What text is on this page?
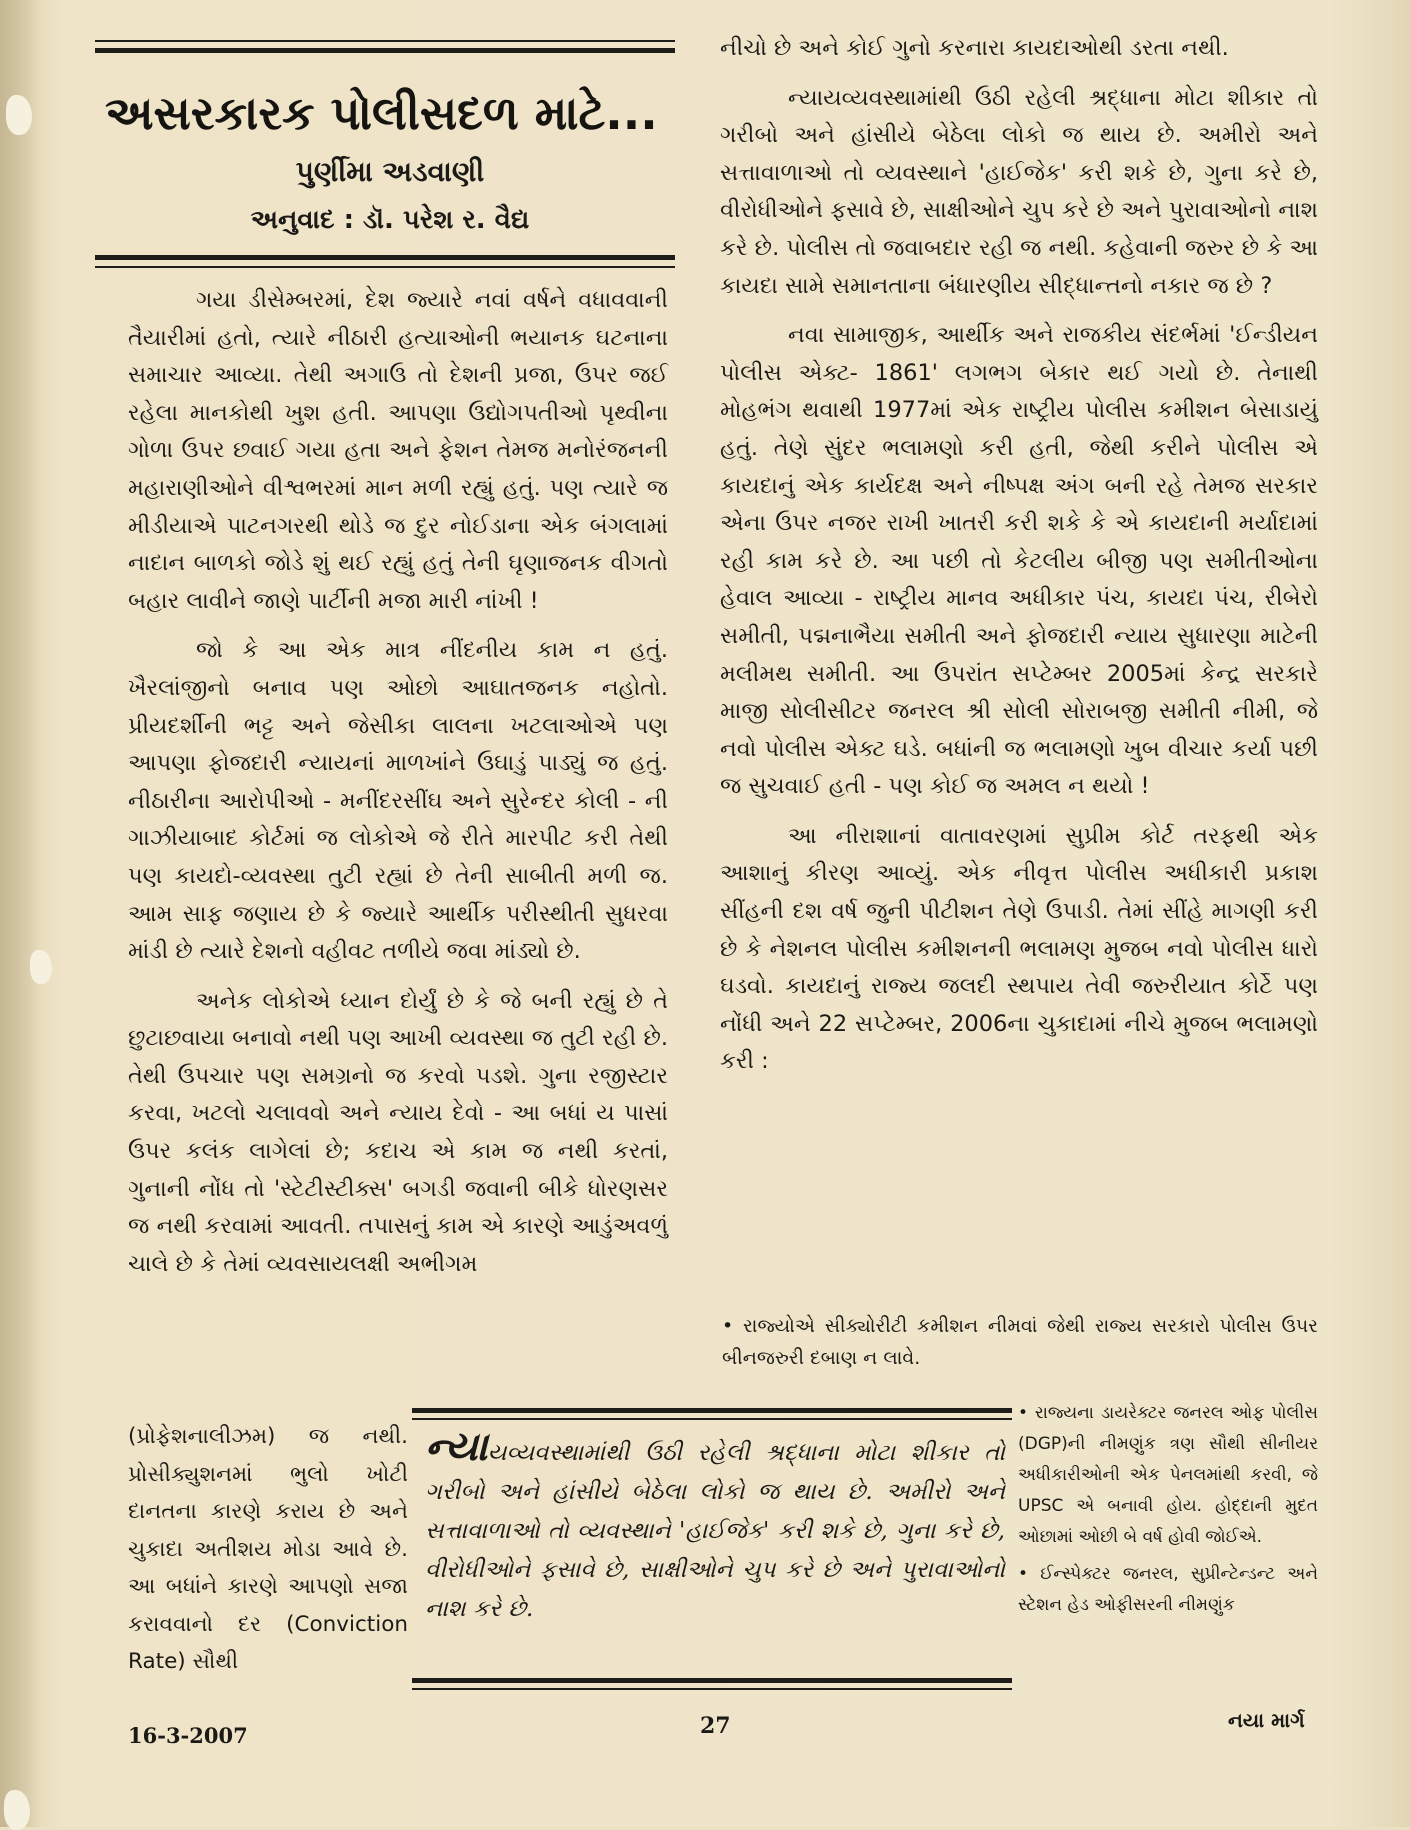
અસરકારક પોલીસદળ માટે...
પુર્ણીમા અડવાણી
અનુવાદ : ડૉ. પરેશ ર. વૈદ્ય

ગયા ડીસેમ્બરમાં, દેશ જ્યારે નવાં વર્ષને વધાવવાની તૈયારીમાં હતો, ત્યારે નીઠારી હત્યાઓની ભયાનક ઘટનાના સમાચાર આવ્યા. તેથી અગાઉ તો દેશની પ્રજા, ઉપર જઈ રહેલા માનકોથી ખુશ હતી. આપણા ઉદ્યોગપતીઓ પૃથ્વીના ગોળા ઉપર છવાઈ ગયા હતા અને ફેશન તેમજ મનોરંજનની મહારાણીઓને વીશ્વભરમાં માન મળી રહ્યું હતું. પણ ત્યારે જ મીડીયાએ પાટનગરથી થોડે જ દુર નોઈડાના એક બંગલામાં નાદાન બાળકો જોડે શું થઈ રહ્યું હતું તેની ઘૃણાજનક વીગતો બહાર લાવીને જાણે પાર્ટીની મજા મારી નાંખી !

જો કે આ એક માત્ર નીંદનીય કામ ન હતું. ખૈરલાંજીનો બનાવ પણ ઓછો આઘાતજનક નહોતો. પ્રીયદર્શીની ભટ્ટ અને જેસીકા લાલના ખટલાઓએ પણ આપણા ફોજદારી ન્યાયનાં માળખાંને ઉઘાડું પાડ્યું જ હતું. નીઠારીના આરોપીઓ - મનીંદરસીંઘ અને સુરેન્દર કોલી - ની ગાઝીયાબાદ કોર્ટમાં જ લોકોએ જે રીતે મારપીટ કરી તેથી પણ કાયદો-વ્યવસ્થા તુટી રહ્યાં છે તેની સાબીતી મળી જ. આમ સાફ જણાય છે કે જ્યારે આર્થીક પરીસ્થીતી સુધરવા માંડી છે ત્યારે દેશનો વહીવટ તળીયે જવા માંડ્યો છે.

અનેક લોકોએ ધ્યાન દોર્યું છે કે જે બની રહ્યું છે તે છુટાછવાયા બનાવો નથી પણ આખી વ્યવસ્થા જ તુટી રહી છે. તેથી ઉપચાર પણ સમગ્રનો જ કરવો પડશે. ગુના રજીસ્ટાર કરવા, ખટલો ચલાવવો અને ન્યાય દેવો - આ બધાં ય પાસાં ઉપર કલંક લાગેલાં છે; કદાચ એ કામ જ નથી કરતાં, ગુનાની નોંધ તો 'સ્ટેટીસ્ટીક્સ' બગડી જવાની બીકે ધોરણસર જ નથી કરવામાં આવતી. તપાસનું કામ એ કારણે આડુંઅવળું ચાલે છે કે તેમાં વ્યવસાયલક્ષી અભીગમ

(પ્રોફેશનાલીઝમ) જ નથી. પ્રોસીક્યુશનમાં ભુલો ખોટી દાનતના કારણે કરાય છે અને ચુકાદા અતીશય મોડા આવે છે. આ બધાંને કારણે આપણો સજા કરાવવાનો દર (Conviction Rate) સૌથી

નીચો છે અને કોઈ ગુનો કરનારા કાયદાઓથી ડરતા નથી.

ન્યાયવ્યવસ્થામાંથી ઉઠી રહેલી શ્રદ્ધાના મોટા શીકાર તો ગરીબો અને હાંસીયે બેઠેલા લોકો જ થાય છે. અમીરો અને સત્તાવાળાઓ તો વ્યવસ્થાને 'હાઈજેક' કરી શકે છે, ગુના કરે છે, વીરોધીઓને ફસાવે છે, સાક્ષીઓને ચુપ કરે છે અને પુરાવાઓનો નાશ કરે છે. પોલીસ તો જવાબદાર રહી જ નથી. કહેવાની જરુર છે કે આ કાયદા સામે સમાનતાના બંધારણીય સીદ્ધાન્તનો નકાર જ છે ?

નવા સામાજીક, આર્થીક અને રાજકીય સંદર્ભમાં 'ઈન્ડીયન પોલીસ એક્ટ- 1861' લગભગ બેકાર થઈ ગયો છે. તેનાથી મોહભંગ થવાથી 1977માં એક રાષ્ટ્રીય પોલીસ કમીશન બેસાડાયું હતું. તેણે સુંદર ભલામણો કરી હતી, જેથી કરીને પોલીસ એ કાયદાનું એક કાર્યદક્ષ અને નીષ્પક્ષ અંગ બની રહે તેમજ સરકાર એના ઉપર નજર રાખી ખાતરી કરી શકે કે એ કાયદાની મર્યાદામાં રહી કામ કરે છે. આ પછી તો કેટલીય બીજી પણ સમીતીઓના હેવાલ આવ્યા - રાષ્ટ્રીય માનવ અધીકાર પંચ, કાયદા પંચ, રીબેરો સમીતી, પદ્મનાભૈયા સમીતી અને ફોજદારી ન્યાય સુધારણા માટેની મલીમથ સમીતી. આ ઉપરાંત સપ્ટેમ્બર 2005માં કેન્દ્ર સરકારે માજી સોલીસીટર જનરલ શ્રી સોલી સોરાબજી સમીતી નીમી, જે નવો પોલીસ એક્ટ ઘડે. બધાંની જ ભલામણો ખુબ વીચાર કર્યા પછી જ સુચવાઈ હતી - પણ કોઈ જ અમલ ન થયો !

આ નીરાશાનાં વાતાવરણમાં સુપ્રીમ કોર્ટ તરફથી એક આશાનું કીરણ આવ્યું. એક નીવૃત્ત પોલીસ અધીકારી પ્રકાશ સીંહની દશ વર્ષ જુની પીટીશન તેણે ઉપાડી. તેમાં સીંહે માગણી કરી છે કે નેશનલ પોલીસ કમીશનની ભલામણ મુજબ નવો પોલીસ ધારો ઘડવો. કાયદાનું રાજ્ય જલદી સ્થપાય તેવી જરુરીયાત કોર્ટે પણ નોંધી અને 22 સપ્ટેમ્બર, 2006ના ચુકાદામાં નીચે મુજબ ભલામણો કરી :

• રાજ્યોએ સીક્યોરીટી કમીશન નીમવાં જેથી રાજ્ય સરકારો પોલીસ ઉપર બીનજરુરી દબાણ ન લાવે.
• રાજ્યના ડાયરેક્ટર જનરલ ઓફ પોલીસ (DGP)ની નીમણુંક ત્રણ સૌથી સીનીયર અધીકારીઓની એક પેનલમાંથી કરવી, જે UPSC એ બનાવી હોય. હોદ્દાની મુદત ઓછામાં ઓછી બે વર્ષ હોવી જોઈએ.
• ઈન્સ્પેક્ટર જનરલ, સુપ્રીન્ટેન્ડન્ટ અને સ્ટેશન હેડ ઓફીસરની નીમણુંક
ન્યાયવ્યવસ્થામાંથી ઉઠી રહેલી શ્રદ્ધાના મોટા શીકાર તો ગરીબો અને હાંસીયે બેઠેલા લોકો જ થાય છે. અમીરો અને સત્તાવાળાઓ તો વ્યવસ્થાને 'હાઈજેક' કરી શકે છે, ગુના કરે છે, વીરોધીઓને ફસાવે છે, સાક્ષીઓને ચુપ કરે છે અને પુરાવાઓનો નાશ કરે છે.
16-3-2007	27	નયા માર્ગ
